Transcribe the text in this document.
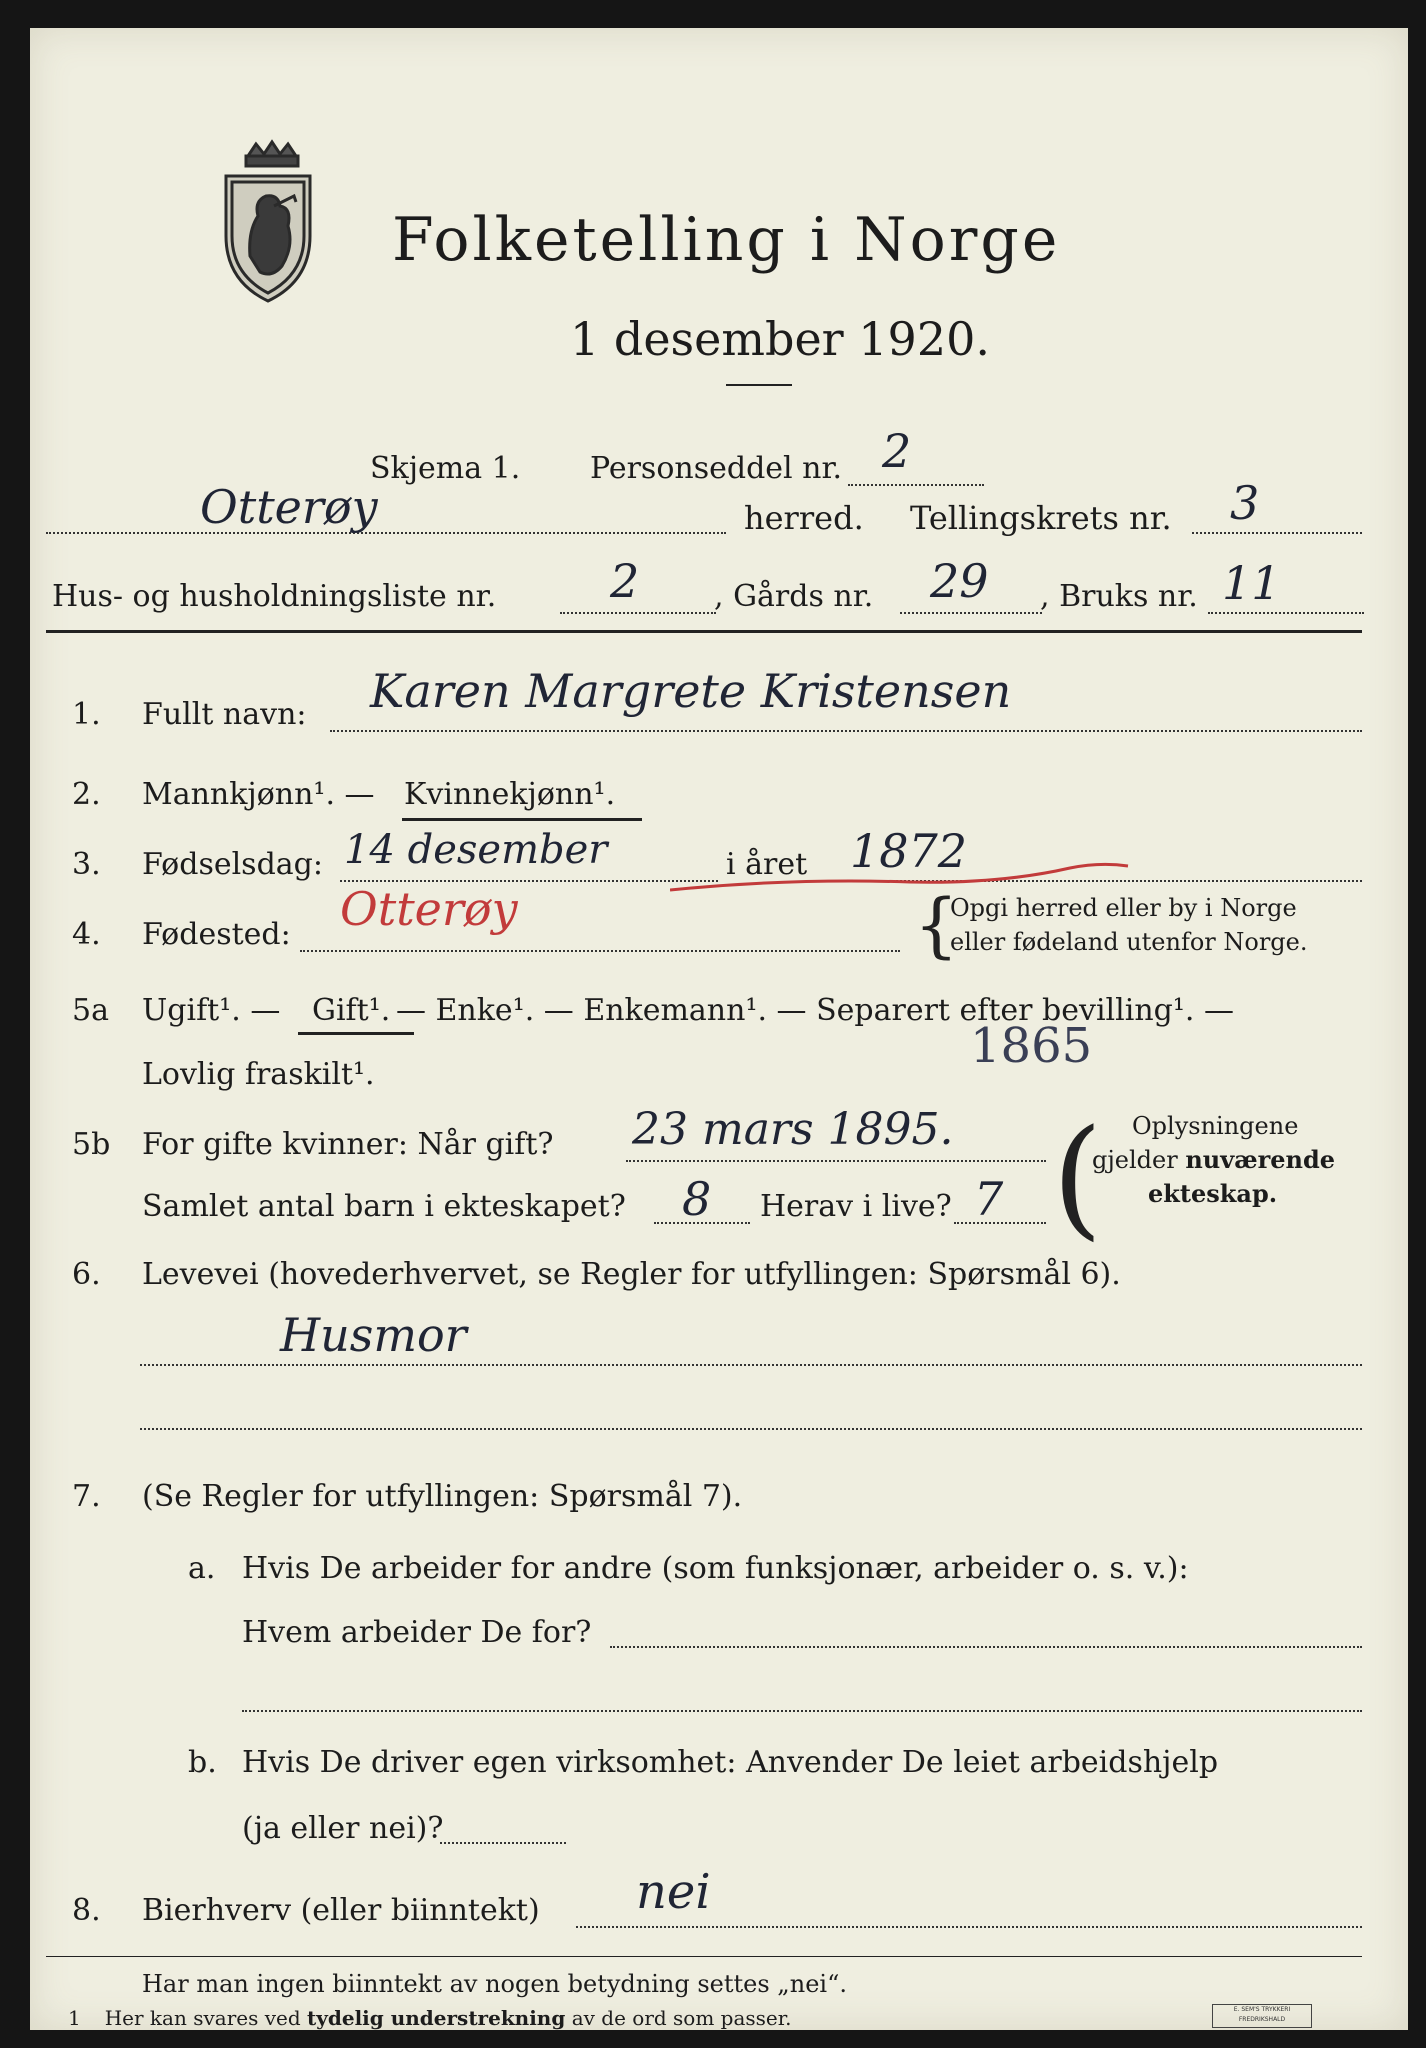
Folketelling i Norge
1 desember 1920.
Skjema 1. Personseddel nr. 2
Otterøy	herred. Tellingskrets nr. 3
Hus- og husholdningsliste nr. 2 , Gårds nr. 29 , Bruks nr. 11
1.	Fullt navn: Karen Margrete Kristensen
2.	Mannkjønn¹. — Kvinnekjønn¹.
3.	Fødselsdag: 14 desember	i året 1872
4.	Fødested: Otterøy	{
Opgi herred eller by i Norge
eller fødeland utenfor Norge.
5a	Ugift¹. — Gift¹. — Enke¹. — Enkemann¹. — Separert efter bevilling¹. —
Lovlig fraskilt¹.
1865
5b	For gifte kvinner: Når gift? 23 mars 1895.
Samlet antal barn i ekteskapet? 8 Herav i live? 7 ( Oplysningene
gjelder nuværende
ekteskap.
6.	Levevei (hovederhvervet, se Regler for utfyllingen: Spørsmål 6).
Husmor
7.	(Se Regler for utfyllingen: Spørsmål 7).
a. Hvis De arbeider for andre (som funksjonær, arbeider o. s. v.):
Hvem arbeider De for?
b. Hvis De driver egen virksomhet: Anvender De leiet arbeidshjelp
(ja eller nei)?
8.	Bierhverv (eller biinntekt) nei
Har man ingen biinntekt av nogen betydning settes „nei“.
1 Her kan svares ved tydelig understrekning av de ord som passer.	E. SEM'S TRYKKERI
FREDRIKSHALD
